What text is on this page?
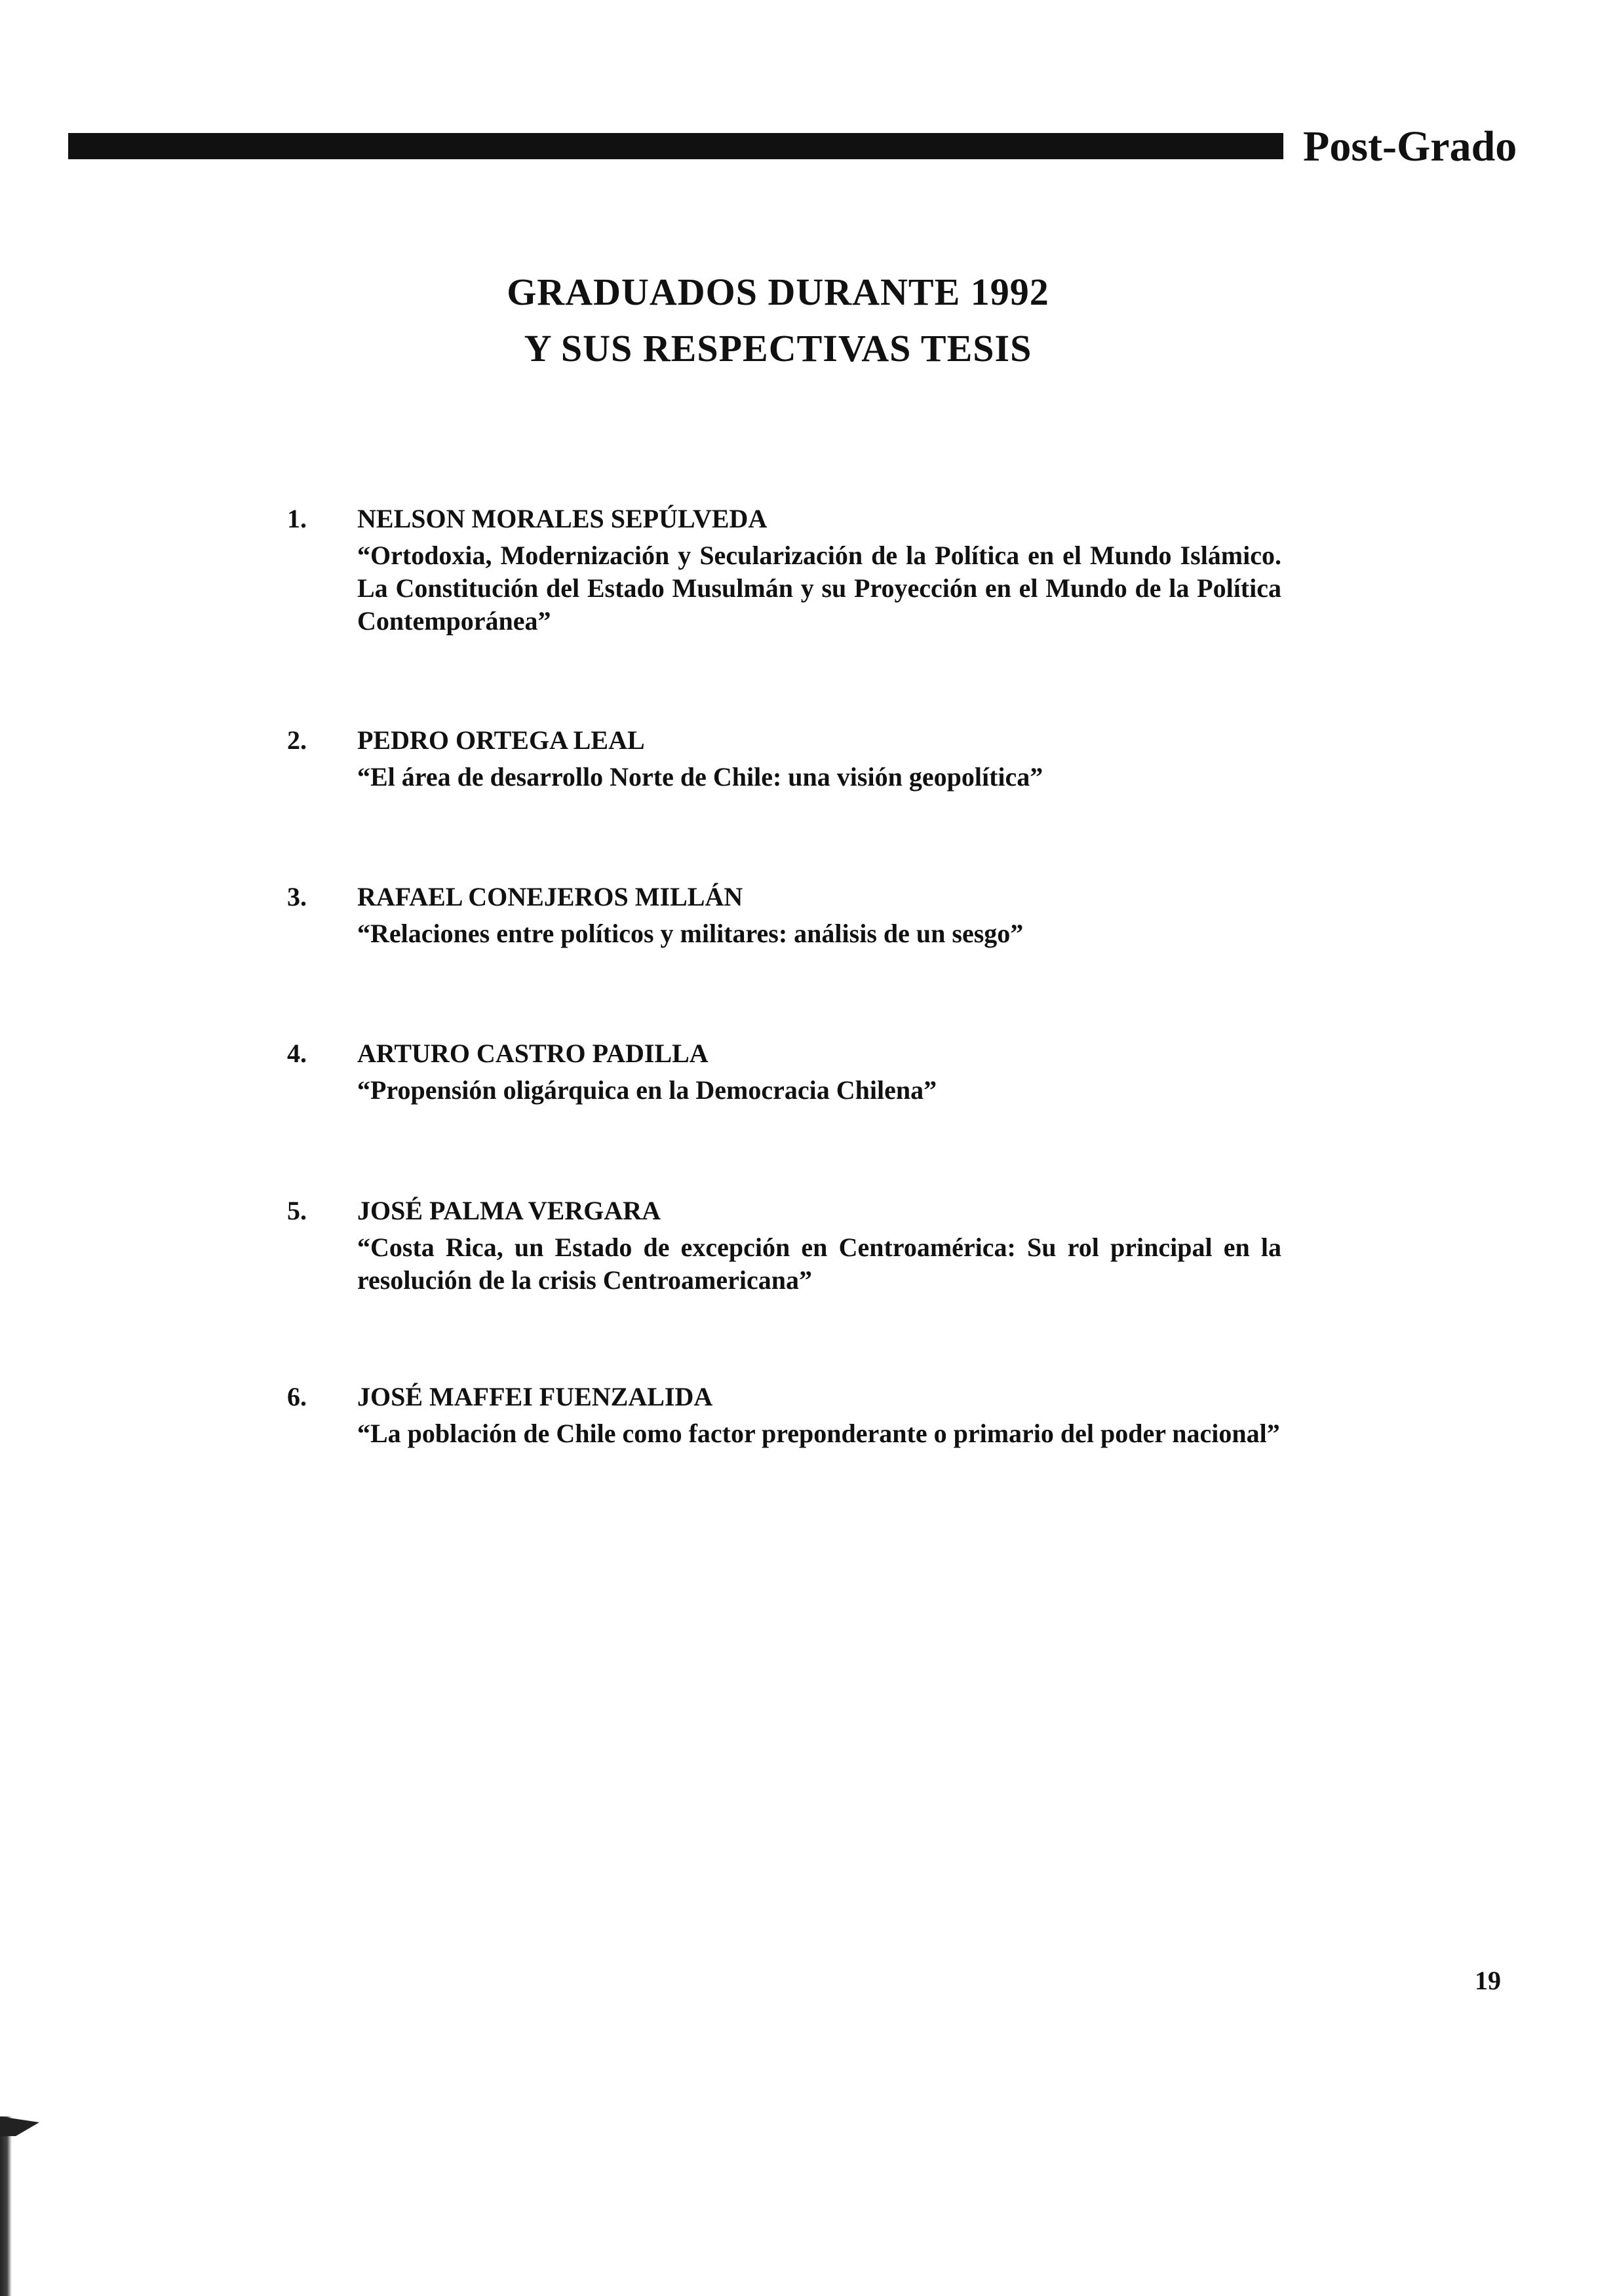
Post-Grado
GRADUADOS DURANTE 1992
Y SUS RESPECTIVAS TESIS
1. NELSON MORALES SEPÚLVEDA
“Ortodoxia, Modernización y Secularización de la Política en el Mundo Islámico. La Constitución del Estado Musulmán y su Proyección en el Mundo de la Política Contemporánea”
2. PEDRO ORTEGA LEAL
“El área de desarrollo Norte de Chile: una visión geopolítica”
3. RAFAEL CONEJEROS MILLÁN
“Relaciones entre políticos y militares: análisis de un sesgo”
4. ARTURO CASTRO PADILLA
“Propensión oligárquica en la Democracia Chilena”
5. JOSÉ PALMA VERGARA
“Costa Rica, un Estado de excepción en Centroamérica: Su rol principal en la resolución de la crisis Centroamericana”
6. JOSÉ MAFFEI FUENZALIDA
“La población de Chile como factor preponderante o primario del poder nacional”
19
